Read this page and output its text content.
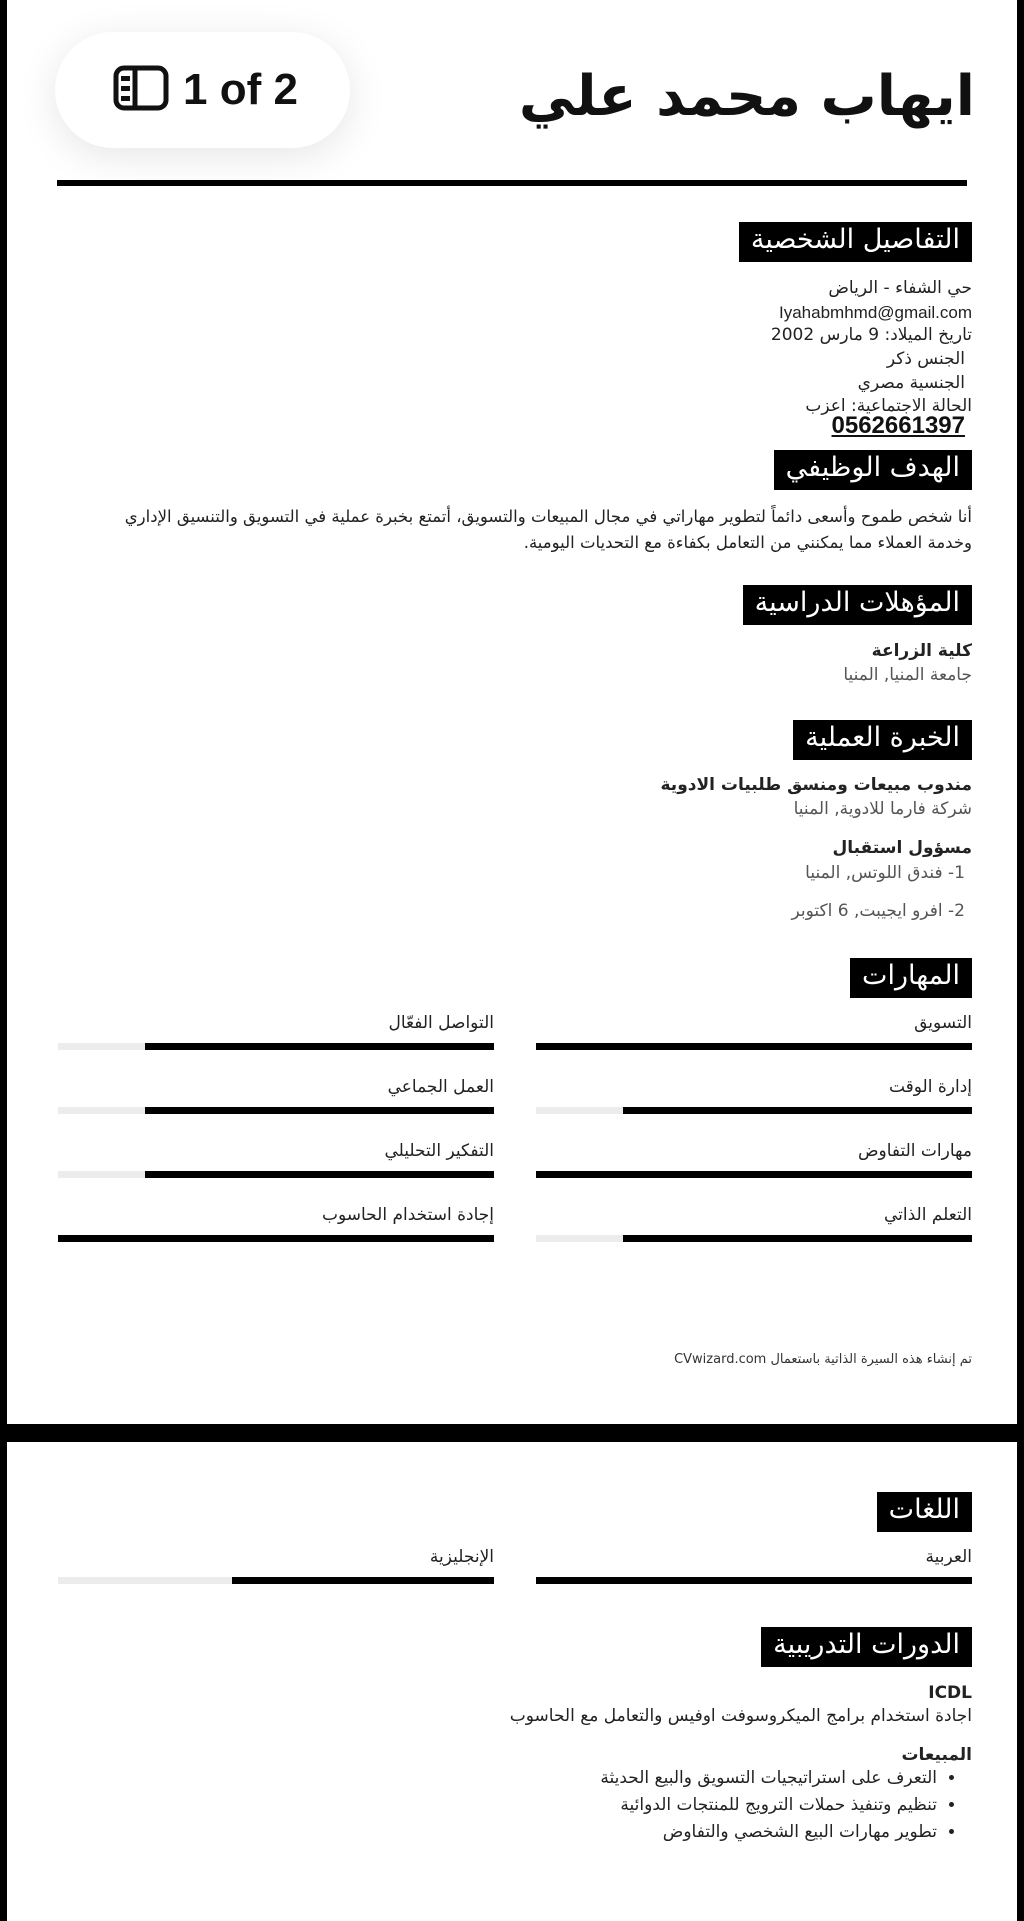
1 of 2	ايهاب محمد علي
التفاصيل الشخصية
حي الشفاء - الرياض
Iyahabmhmd@gmail.com
تاريخ الميلاد: 9 مارس 2002
الجنس ذكر
الجنسية مصري
الحالة الاجتماعية: اعزب
0562661397
الهدف الوظيفي
أنا شخص طموح وأسعى دائماً لتطوير مهاراتي في مجال المبيعات والتسويق، أتمتع بخبرة عملية في التسويق والتنسيق الإداري وخدمة العملاء مما يمكنني من التعامل بكفاءة مع التحديات اليومية.
المؤهلات الدراسية
كلية الزراعة
جامعة المنيا, المنيا
الخبرة العملية
مندوب مبيعات ومنسق طلبيات الادوية
شركة فارما للادوية, المنيا
مسؤول استقبال
1- فندق اللوتس, المنيا
2- افرو ايجيبت, 6 اكتوبر
المهارات
التسويق
التواصل الفعّال
إدارة الوقت
العمل الجماعي
مهارات التفاوض
التفكير التحليلي
التعلم الذاتي
إجادة استخدام الحاسوب
تم إنشاء هذه السيرة الذاتية باستعمال CVwizard.com
اللغات
العربية
الإنجليزية
الدورات التدريبية
ICDL
اجادة استخدام برامج الميكروسوفت اوفيس والتعامل مع الحاسوب
المبيعات
• التعرف على استراتيجيات التسويق والبيع الحديثة
• تنظيم وتنفيذ حملات الترويج للمنتجات الدوائية
• تطوير مهارات البيع الشخصي والتفاوض
